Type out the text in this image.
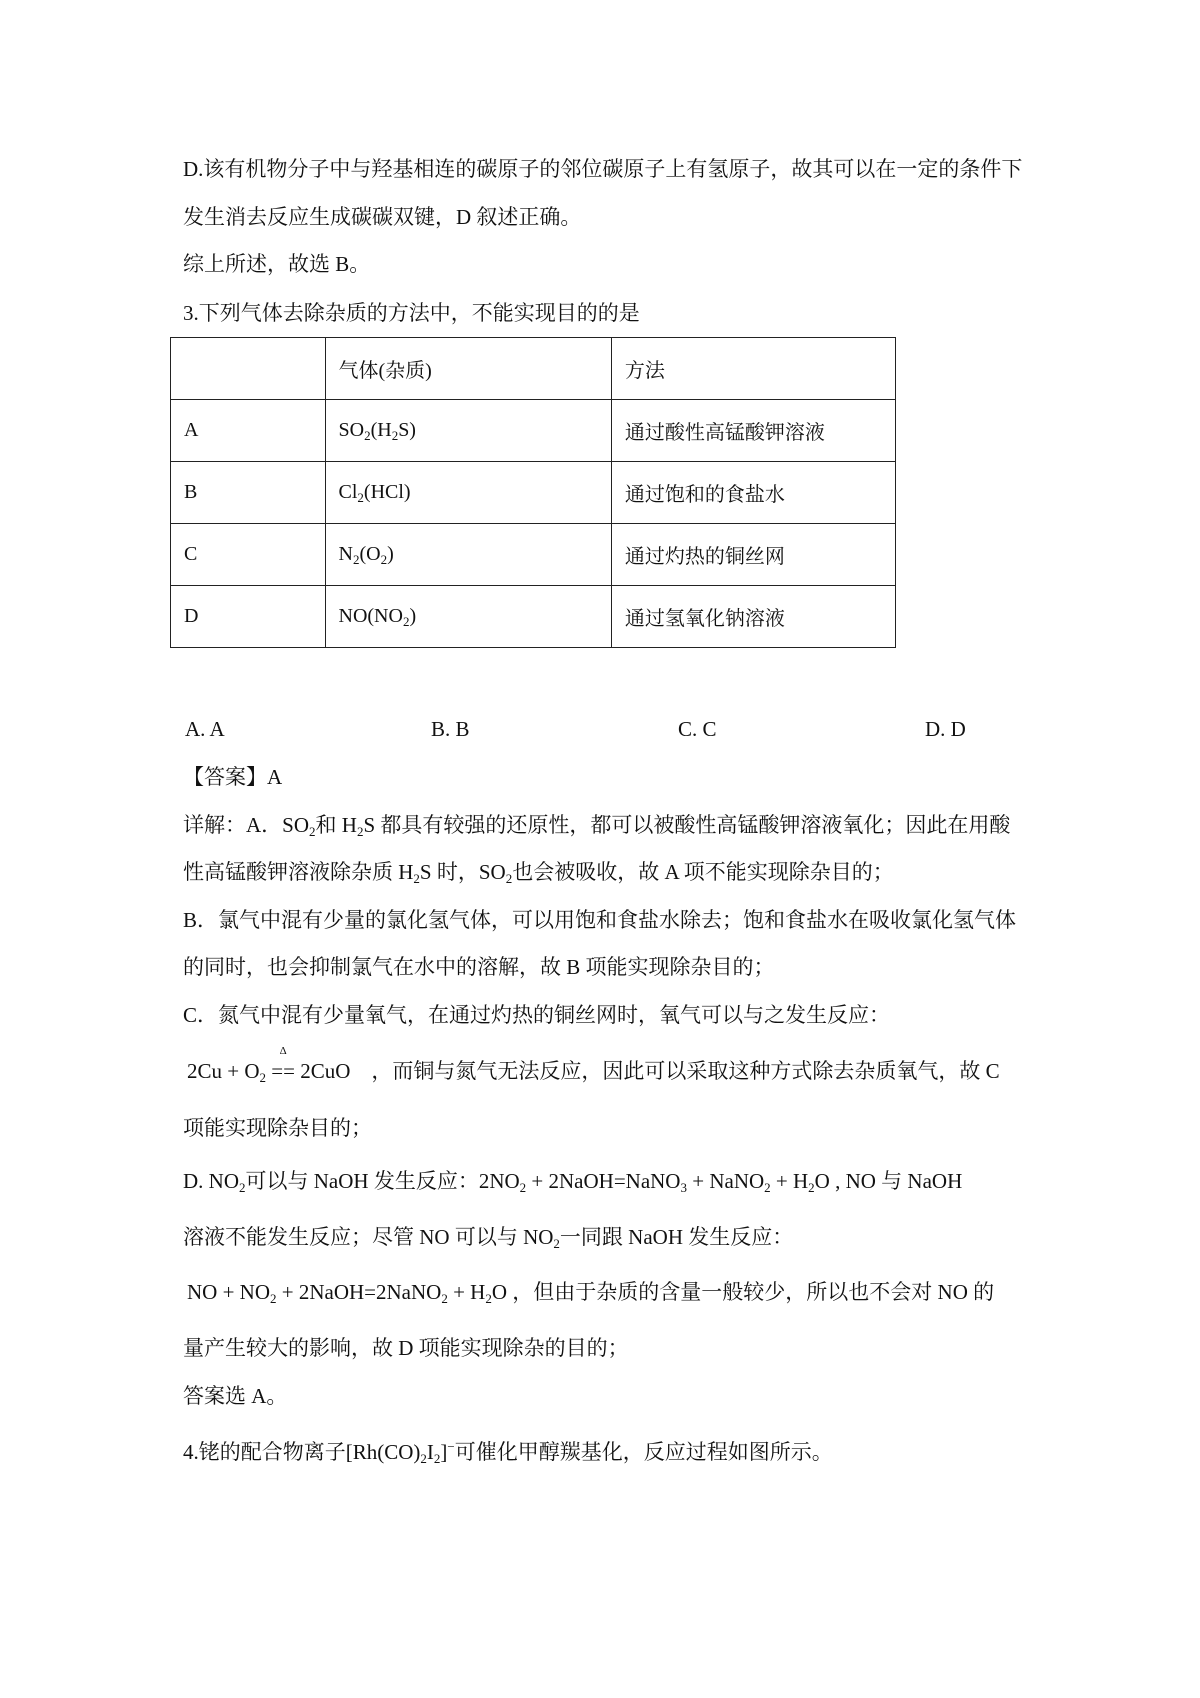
D.该有机物分子中与羟基相连的碳原子的邻位碳原子上有氢原子，故其可以在一定的条件下
发生消去反应生成碳碳双键，D 叙述正确。
综上所述，故选 B。
3.下列气体去除杂质的方法中，不能实现目的的是
	气体(杂质)	方法
A	$SO_2(H_2S)$	通过酸性高锰酸钾溶液
B	$Cl_2(HCl)$	通过饱和的食盐水
C	$N_2(O_2)$	通过灼热的铜丝网
D	$NO(NO_2)$	通过氢氧化钠溶液
A. A	B. B	C. C	D. D
【答案】A
详解：A．$SO_2$和 $H_2S$ 都具有较强的还原性，都可以被酸性高锰酸钾溶液氧化；因此在用酸
性高锰酸钾溶液除杂质 $H_2S$ 时，$SO_2$也会被吸收，故 A 项不能实现除杂目的；
B．氯气中混有少量的氯化氢气体，可以用饱和食盐水除去；饱和食盐水在吸收氯化氢气体
的同时，也会抑制氯气在水中的溶解，故 B 项能实现除杂目的；
C．氮气中混有少量氧气，在通过灼热的铜丝网时，氧气可以与之发生反应：
$2Cu + O_2$
Δ
== 2CuO　，而铜与氮气无法反应，因此可以采取这种方式除去杂质氧气，故 C
项能实现除杂目的；
D. $NO_2$可以与 NaOH 发生反应：$2NO_2$ + 2NaOH=NaNO$_3$ + NaNO$_2$ + $H_2O$ , NO 与 NaOH
溶液不能发生反应；尽管 NO 可以与 $NO_2$一同跟 NaOH 发生反应：
NO + $NO_2$ + 2NaOH=2NaNO$_2$ + $H_2O$ ，但由于杂质的含量一般较少，所以也不会对 NO 的
量产生较大的影响，故 D 项能实现除杂的目的；
答案选 A。
4.铑的配合物离子$[Rh(CO)_2I_2]^-$可催化甲醇羰基化，反应过程如图所示。
